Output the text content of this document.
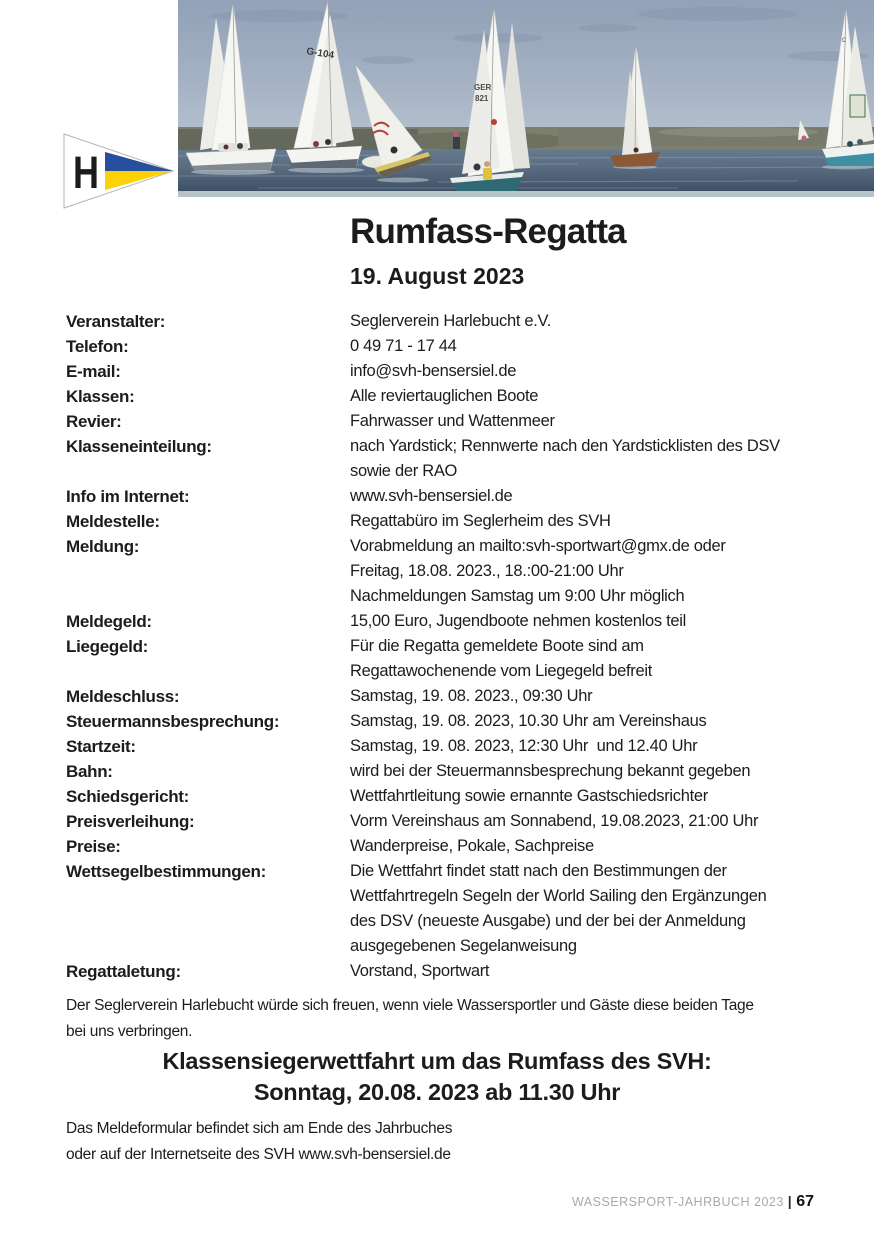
H
G-104
GER
821
C
Rumfass-Regatta
19. August 2023
Veranstalter:	Seglerverein Harlebucht e.V.
Telefon:	0 49 71 - 17 44
E-mail:	info@svh-bensersiel.de
Klassen:	Alle reviertauglichen Boote
Revier:	Fahrwasser und Wattenmeer
Klasseneinteilung:	nach Yardstick; Rennwerte nach den Yardsticklisten des DSV
sowie der RAO
Info im Internet:	www.svh-bensersiel.de
Meldestelle:	Regattabüro im Seglerheim des SVH
Meldung:	Vorabmeldung an mailto:svh-sportwart@gmx.de oder
Freitag, 18.08. 2023., 18.:00-21:00 Uhr
Nachmeldungen Samstag um 9:00 Uhr möglich
Meldegeld:	15,00 Euro, Jugendboote nehmen kostenlos teil
Liegegeld:	Für die Regatta gemeldete Boote sind am
Regattawochenende vom Liegegeld befreit
Meldeschluss:	Samstag, 19. 08. 2023., 09:30 Uhr
Steuermannsbesprechung:	Samstag, 19. 08. 2023, 10.30 Uhr am Vereinshaus
Startzeit:	Samstag, 19. 08. 2023, 12:30 Uhr  und 12.40 Uhr
Bahn:	wird bei der Steuermannsbesprechung bekannt gegeben
Schiedsgericht:	Wettfahrtleitung sowie ernannte Gastschiedsrichter
Preisverleihung:	Vorm Vereinshaus am Sonnabend, 19.08.2023, 21:00 Uhr
Preise:	Wanderpreise, Pokale, Sachpreise
Wettsegelbestimmungen:	Die Wettfahrt findet statt nach den Bestimmungen der
Wettfahrtregeln Segeln der World Sailing den Ergänzungen
des DSV (neueste Ausgabe) und der bei der Anmeldung
ausgegebenen Segelanweisung
Regattaletung:	Vorstand, Sportwart
Der Seglerverein Harlebucht würde sich freuen, wenn viele Wassersportler und Gäste diese beiden Tage
bei uns verbringen.
Klassensiegerwettfahrt um das Rumfass des SVH:
Sonntag, 20.08. 2023 ab 11.30 Uhr
Das Meldeformular befindet sich am Ende des Jahrbuches
oder auf der Internetseite des SVH www.svh-bensersiel.de
WASSERSPORT-JAHRBUCH 2023 | 67
